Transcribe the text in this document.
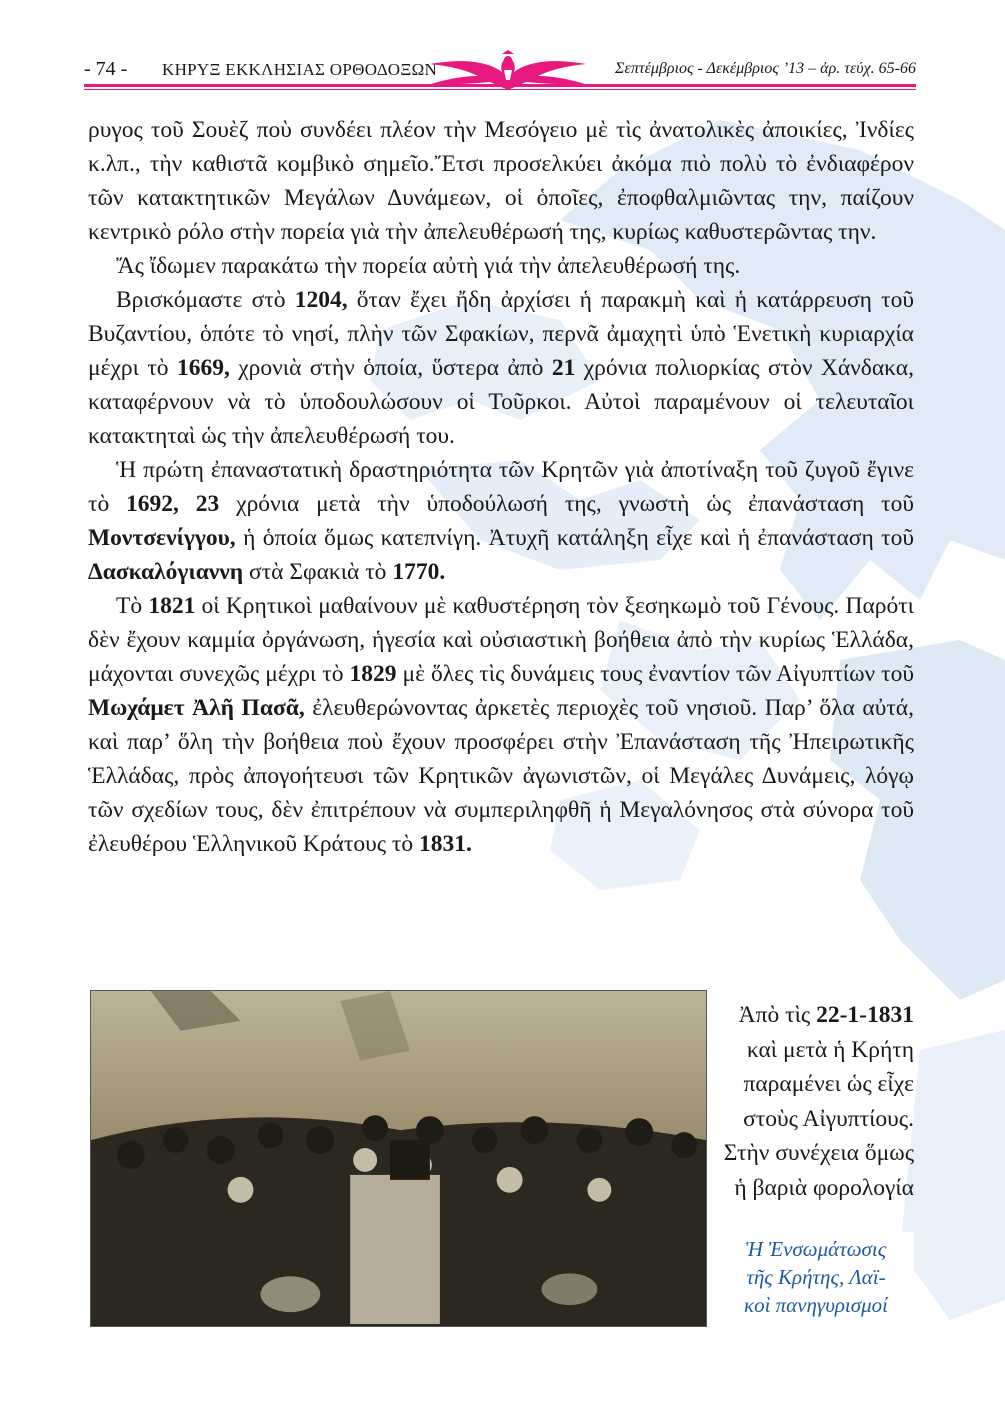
- 74 - ΚΗΡΥΞ ΕΚΚΛΗΣΙΑΣ ΟΡΘΟΔΟΞΩΝ	Σεπτέμβριος - Δεκέμβριος ’13 – ἀρ. τεύχ. 65-66

ρυγος τοῦ Σουὲζ ποὺ συνδέει πλέον τὴν Μεσόγειο μὲ τὶς ἀνατολικὲς ἀποικίες, Ἰνδίες κ.λπ., τὴν καθιστᾶ κομβικὸ σημεῖο.Ἔτσι προσελκύει ἀκόμα πιὸ πολὺ τὸ ἐνδιαφέρον τῶν κατακτητικῶν Μεγάλων Δυνάμεων, οἱ ὁποῖες, ἐποφθαλμιῶντας την, παίζουν κεντρικὸ ρόλο στὴν πορεία γιὰ τὴν ἀπελευθέρωσή της, κυρίως καθυστερῶντας την.

Ἄς ἴδωμεν παρακάτω τὴν πορεία αὐτὴ γιά τὴν ἀπελευθέρωσή της.

Βρισκόμαστε στὸ 1204, ὅταν ἔχει ἤδη ἀρχίσει ἡ παρακμὴ καὶ ἡ κατάρρευση τοῦ Βυζαντίου, ὁπότε τὸ νησί, πλὴν τῶν Σφακίων, περνᾶ ἀμαχητὶ ὑπὸ Ἑνετικὴ κυριαρχία μέχρι τὸ 1669, χρονιὰ στὴν ὁποία, ὕστερα ἀπὸ 21 χρόνια πολιορκίας στὸν Χάνδακα, καταφέρνουν νὰ τὸ ὑποδουλώσουν οἱ Τοῦρκοι. Αὐτοὶ παραμένουν οἱ τελευταῖοι κατακτηταὶ ὡς τὴν ἀπελευθέρωσή του.

Ἡ πρώτη ἐπαναστατικὴ δραστηριότητα τῶν Κρητῶν γιὰ ἀποτίναξη τοῦ ζυγοῦ ἔγινε τὸ 1692, 23 χρόνια μετὰ τὴν ὑποδούλωσή της, γνωστὴ ὡς ἐπανάσταση τοῦ Μοντσενίγγου, ἡ ὁποία ὅμως κατεπνίγη. Ἀτυχῆ κατάληξη εἶχε καὶ ἡ ἐπανάσταση τοῦ Δασκαλόγιαννη στὰ Σφακιὰ τὸ 1770.

Τὸ 1821 οἱ Κρητικοὶ μαθαίνουν μὲ καθυστέρηση τὸν ξεσηκωμὸ τοῦ Γένους. Παρότι δὲν ἔχουν καμμία ὀργάνωση, ἡγεσία καὶ οὐσιαστικὴ βοήθεια ἀπὸ τὴν κυρίως Ἑλλάδα, μάχονται συνεχῶς μέχρι τὸ 1829 μὲ ὅλες τὶς δυνάμεις τους ἐναντίον τῶν Αἰγυπτίων τοῦ Μωχάμετ Ἀλῆ Πασᾶ, ἐλευθερώνοντας ἀρκετὲς περιοχὲς τοῦ νησιοῦ. Παρ’ ὅλα αὐτά, καὶ παρ’ ὅλη τὴν βοήθεια ποὺ ἔχουν προσφέρει στὴν Ἐπανάσταση τῆς Ἠπειρωτικῆς Ἑλλάδας, πρὸς ἀπογοήτευσι τῶν Κρητικῶν ἀγωνιστῶν, οἱ Μεγάλες Δυνάμεις, λόγῳ τῶν σχεδίων τους, δὲν ἐπιτρέπουν νὰ συμπεριληφθῆ ἡ Μεγαλόνησος στὰ σύνορα τοῦ ἐλευθέρου Ἑλληνικοῦ Κράτους τὸ 1831.

Ἀπὸ τὶς 22-1-1831 καὶ μετὰ ἡ Κρήτη παραμένει ὡς εἶχε στοὺς Αἰγυπτίους. Στὴν συνέχεια ὅμως ἡ βαριὰ φορολογία
Ἡ Ἐνσωμάτωσις
τῆς Κρήτης, Λαϊ-
κοὶ πανηγυρισμοί
